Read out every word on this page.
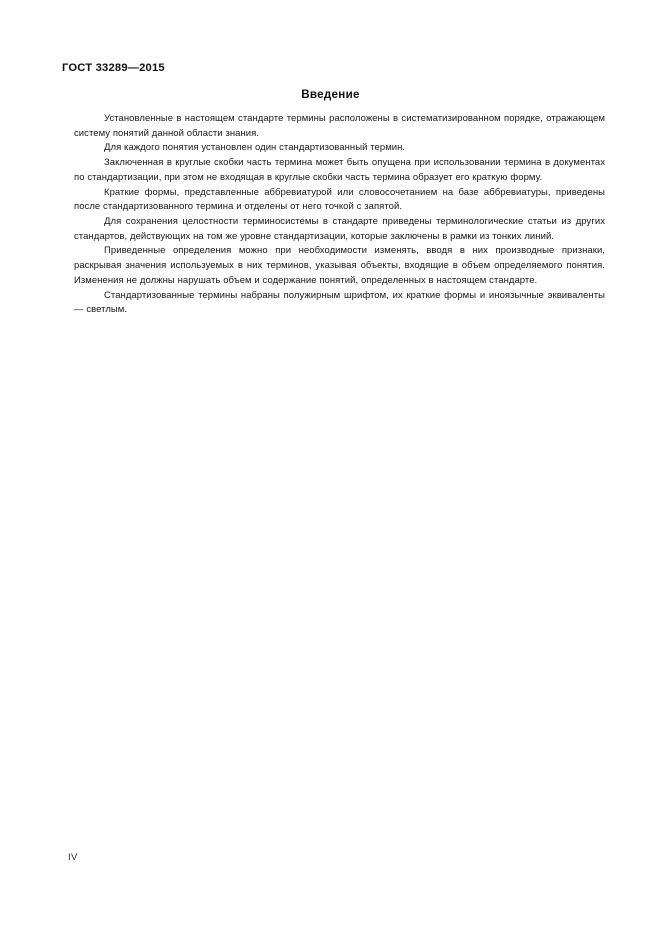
ГОСТ 33289—2015
Введение

Установленные в настоящем стандарте термины расположены в систематизированном порядке, отражающем систему понятий данной области знания.

Для каждого понятия установлен один стандартизованный термин.

Заключенная в круглые скобки часть термина может быть опущена при использовании термина в документах по стандартизации, при этом не входящая в круглые скобки часть термина образует его краткую форму.

Краткие формы, представленные аббревиатурой или словосочетанием на базе аббревиатуры, приведены после стандартизованного термина и отделены от него точкой с запятой.

Для сохранения целостности терминосистемы в стандарте приведены терминологические статьи из других стандартов, действующих на том же уровне стандартизации, которые заключены в рамки из тонких линий.

Приведенные определения можно при необходимости изменять, вводя в них производные признаки, раскрывая значения используемых в них терминов, указывая объекты, входящие в объем определяемого понятия. Изменения не должны нарушать объем и содержание понятий, определенных в настоящем стандарте.

Стандартизованные термины набраны полужирным шрифтом, их краткие формы и иноязычные эквиваленты — светлым.

IV
